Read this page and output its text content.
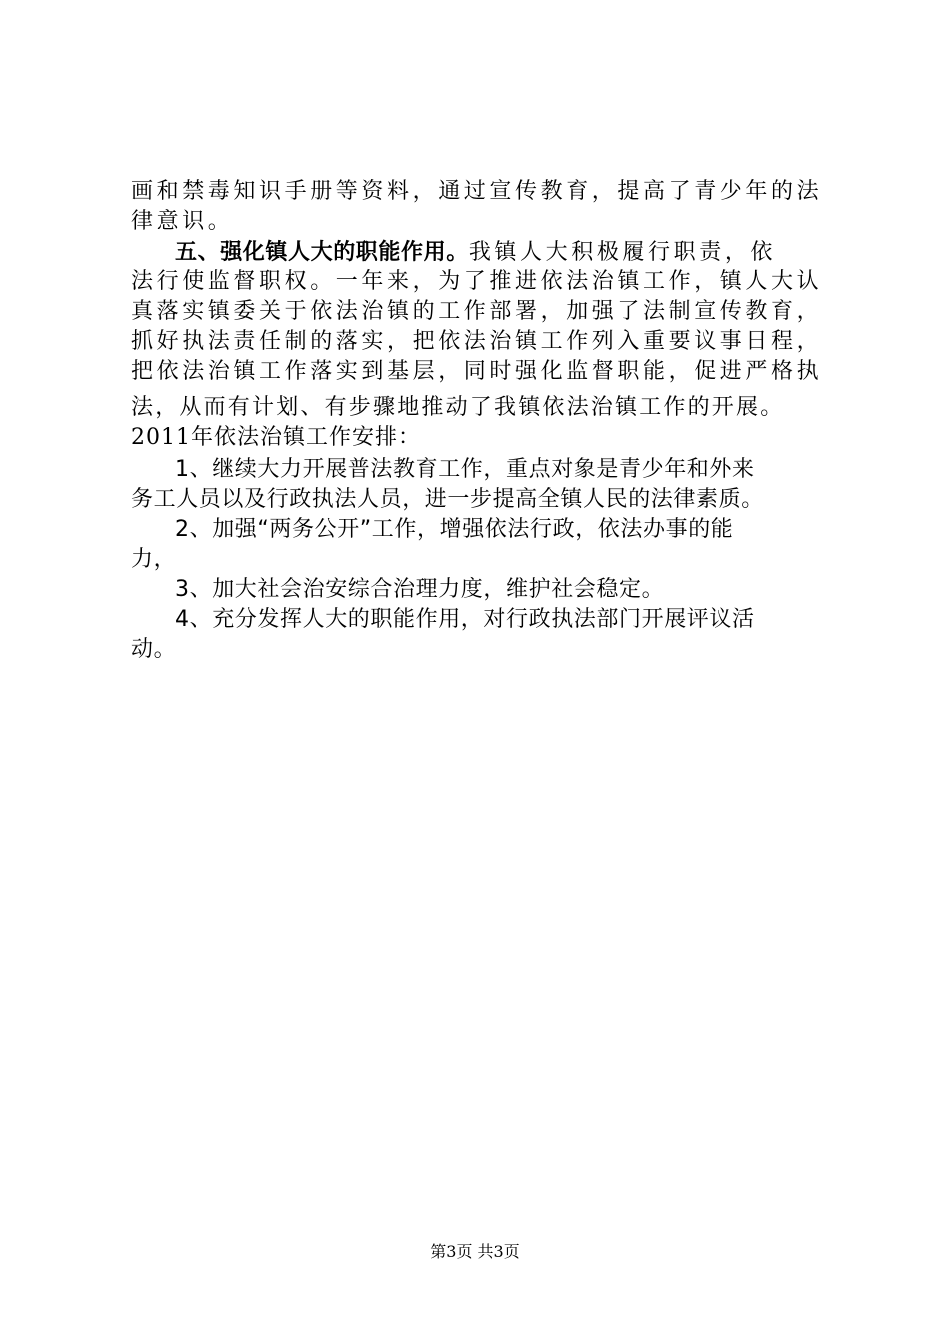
画和禁毒知识手册等资料，通过宣传教育，提高了青少年的法
律意识。
五、强化镇人大的职能作用。我镇人大积极履行职责，依
法行使监督职权。一年来，为了推进依法治镇工作，镇人大认
真落实镇委关于依法治镇的工作部署，加强了法制宣传教育，
抓好执法责任制的落实，把依法治镇工作列入重要议事日程，
把依法治镇工作落实到基层，同时强化监督职能，促进严格执
法，从而有计划、有步骤地推动了我镇依法治镇工作的开展。
2011年依法治镇工作安排：
1、继续大力开展普法教育工作，重点对象是青少年和外来
务工人员以及行政执法人员，进一步提高全镇人民的法律素质。
2、加强“两务公开”工作，增强依法行政，依法办事的能
力，
3、加大社会治安综合治理力度，维护社会稳定。
4、充分发挥人大的职能作用，对行政执法部门开展评议活
动。
第3页 共3页
